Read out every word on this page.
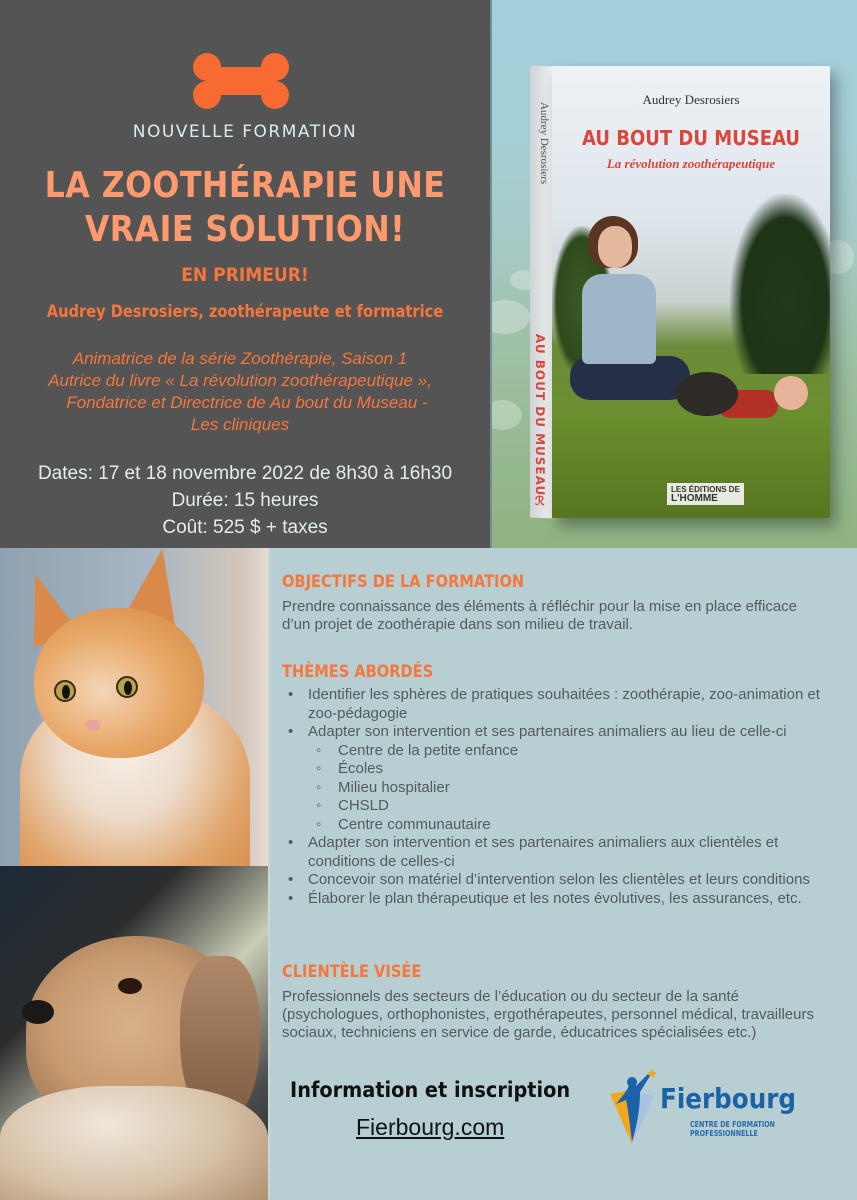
NOUVELLE FORMATION
LA ZOOTHÉRAPIE UNE
VRAIE SOLUTION!
EN PRIMEUR!
Audrey Desrosiers, zoothérapeute et formatrice
Animatrice de la série Zoothérapie, Saison 1
Autrice du livre « La révolution zoothérapeutique »,
Fondatrice et Directrice de Au bout du Museau -
Les cliniques
Dates: 17 et 18 novembre 2022 de 8h30 à 16h30
Durée: 15 heures
Coût: 525 $ + taxes
Audrey Desrosiers
AU BOUT DU MUSEAU
ℛ
Audrey Desrosiers
AU BOUT DU MUSEAU
La révolution zoothérapeutique
LES ÉDITIONS DE
L'HOMME
OBJECTIFS DE LA FORMATION

Prendre connaissance des éléments à réfléchir pour la mise en place efficace d’un projet de zoothérapie dans son milieu de travail.

THÈMES ABORDÉS
• Identifier les sphères de pratiques souhaitées : zoothérapie, zoo-animation et zoo-pédagogie
• Adapter son intervention et ses partenaires animaliers au lieu de celle-ci
◦ Centre de la petite enfance
◦ Écoles
◦ Milieu hospitalier
◦ CHSLD
◦ Centre communautaire
• Adapter son intervention et ses partenaires animaliers aux clientèles et conditions de celles-ci
• Concevoir son matériel d’intervention selon les clientèles et leurs conditions
• Élaborer le plan thérapeutique et les notes évolutives, les assurances, etc.
CLIENTÈLE VISÉE

Professionnels des secteurs de l’éducation ou du secteur de la santé (psychologues, orthophonistes, ergothérapeutes, personnel médical, travailleurs sociaux, techniciens en service de garde, éducatrices spécialisées etc.)

Information et inscription
Fierbourg.com
Fierbourg
CENTRE DE FORMATION
PROFESSIONNELLE
